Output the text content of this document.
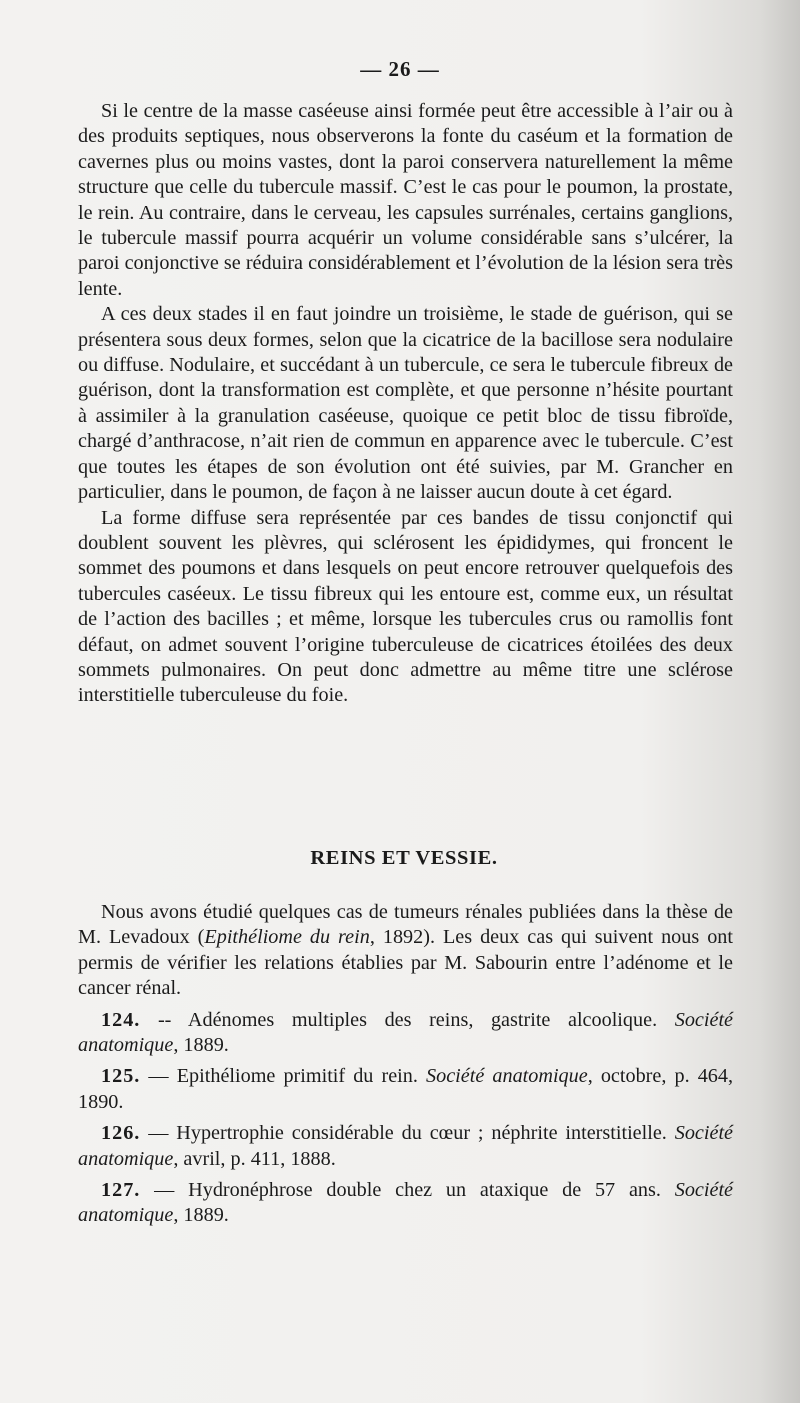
— 26 —

Si le centre de la masse caséeuse ainsi formée peut être accessible à l’air ou à des produits septiques, nous observerons la fonte du caséum et la formation de cavernes plus ou moins vastes, dont la paroi conservera naturellement la même structure que celle du tubercule massif. C’est le cas pour le poumon, la prostate, le rein. Au contraire, dans le cerveau, les capsules surrénales, certains ganglions, le tubercule massif pourra acquérir un volume considérable sans s’ulcérer, la paroi conjonctive se réduira considérablement et l’évolution de la lésion sera très lente.

A ces deux stades il en faut joindre un troisième, le stade de guérison, qui se présentera sous deux formes, selon que la cicatrice de la bacillose sera nodulaire ou diffuse. Nodulaire, et succédant à un tubercule, ce sera le tubercule fibreux de guérison, dont la transformation est complète, et que personne n’hésite pourtant à assimiler à la granulation caséeuse, quoique ce petit bloc de tissu fibroïde, chargé d’anthracose, n’ait rien de commun en apparence avec le tubercule. C’est que toutes les étapes de son évolution ont été suivies, par M. Grancher en particulier, dans le poumon, de façon à ne laisser aucun doute à cet égard.

La forme diffuse sera représentée par ces bandes de tissu conjonctif qui doublent souvent les plèvres, qui sclérosent les épididymes, qui froncent le sommet des poumons et dans lesquels on peut encore retrouver quelquefois des tubercules caséeux. Le tissu fibreux qui les entoure est, comme eux, un résultat de l’action des bacilles ; et même, lorsque les tubercules crus ou ramollis font défaut, on admet souvent l’origine tuberculeuse de cicatrices étoilées des deux sommets pulmonaires. On peut donc admettre au même titre une sclérose interstitielle tuberculeuse du foie.

REINS ET VESSIE.

Nous avons étudié quelques cas de tumeurs rénales publiées dans la thèse de M. Levadoux (Epithéliome du rein, 1892). Les deux cas qui suivent nous ont permis de vérifier les relations établies par M. Sabourin entre l’adénome et le cancer rénal.

124. -- Adénomes multiples des reins, gastrite alcoolique. Société anatomique, 1889.

125. — Epithéliome primitif du rein. Société anatomique, octobre, p. 464, 1890.

126. — Hypertrophie considérable du cœur ; néphrite interstitielle. Société anatomique, avril, p. 411, 1888.

127. — Hydronéphrose double chez un ataxique de 57 ans. Société anatomique, 1889.
